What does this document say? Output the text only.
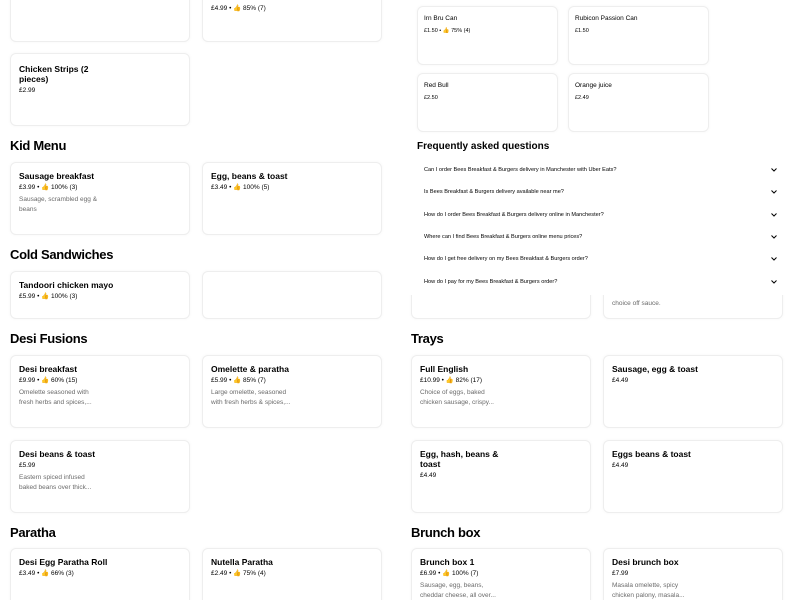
£4.99 • 👍 85% (7)
Chicken Strips (2 pieces)
£2.99
Irn Bru Can
£1.50 • 👍 75% (4)
Rubicon Passion Can
£1.50
Red Bull
£2.50
Orange juice
£2.49
Kid Menu
Sausage breakfast
£3.99 • 👍 100% (3)
Sausage, scrambled egg & beans
Egg, beans & toast
£3.49 • 👍 100% (5)
Cold Sandwiches
Tandoori chicken mayo
£5.99 • 👍 100% (3)
choice off sauce.
Frequently asked questions
Can I order Bees Breakfast & Burgers delivery in Manchester with Uber Eats?
Is Bees Breakfast & Burgers delivery available near me?
How do I order Bees Breakfast & Burgers delivery online in Manchester?
Where can I find Bees Breakfast & Burgers online menu prices?
How do I get free delivery on my Bees Breakfast & Burgers order?
How do I pay for my Bees Breakfast & Burgers order?
Desi Fusions
Desi breakfast
£9.99 • 👍 60% (15)
Omelette seasoned with fresh herbs and spices,...
Omelette & paratha
£5.99 • 👍 85% (7)
Large omelette, seasoned with fresh herbs & spices,...
Desi beans & toast
£5.99
Eastern spiced infused baked beans over thick...
Trays
Full English
£10.99 • 👍 82% (17)
Choice of eggs, baked chicken sausage, crispy...
Sausage, egg & toast
£4.49
Egg, hash, beans & toast
£4.49
Eggs beans & toast
£4.49
Paratha
Desi Egg Paratha Roll
£3.49 • 👍 66% (3)
Nutella Paratha
£2.49 • 👍 75% (4)
Brunch box
Brunch box 1
£6.99 • 👍 100% (7)
Sausage, egg, beans, cheddar cheese, all over...
Desi brunch box
£7.99
Masala omelette, spicy chicken palony, masala...
